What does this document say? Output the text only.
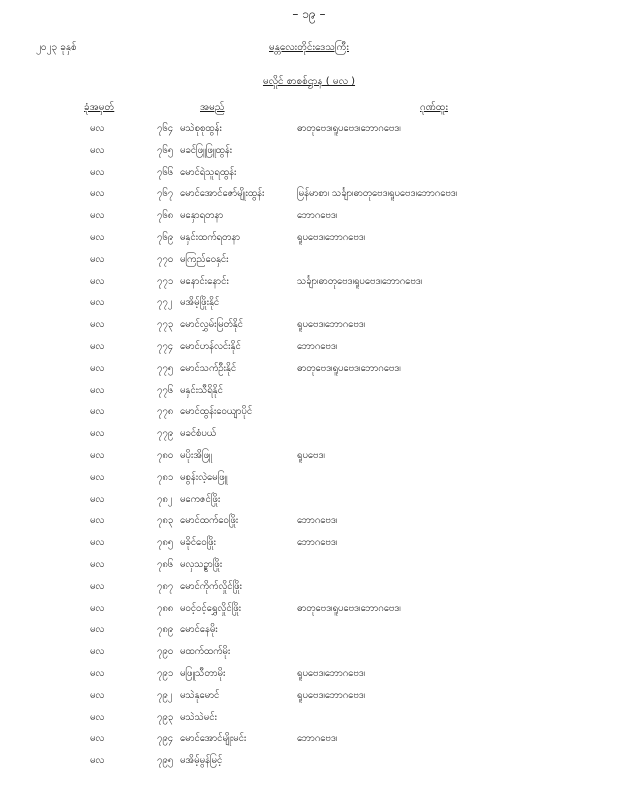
– ၁၉ –
၂၀၂၃ ခုနှစ်	မန္တလေးတိုင်းဒေသကြီး
မလှိုင် စာစစ်ဌာန ( မလ )
ခုံအမှတ်	အမည်	ဂုဏ်ထူး
မလ	၇၆၄ မသဲစုစုထွန်း	ဓာတုဗေဒ၊ရူပဗေဒ၊ဘောဂဗေဒ၊
မလ	၇၆၅ မခင်ဖြူဖြူထွန်း
မလ	၇၆၆ မောင်ရဲသူရထွန်း
မလ	၇၆၇ မောင်အောင်ဇော်မျိုးထွန်း	မြန်မာစာ၊ သင်္ချာ၊ဓာတုဗေဒ၊ရူပဗေဒ၊ဘောဂဗေဒ၊
မလ	၇၆၈ မနှောရတနာ	ဘောဂဗေဒ၊
မလ	၇၆၉ မနှင်းထက်ရတနာ	ရူပဗေဒ၊ဘောဂဗေဒ၊
မလ	၇၇၀ မကြည်ဝေနှင်း
မလ	၇၇၁ မနောင်းနောင်း	သင်္ချာ၊ဓာတုဗေဒ၊ရူပဗေဒ၊ဘောဂဗေဒ၊
မလ	၇၇၂ မအိမ့်ဖြိုးနိုင်
မလ	၇၇၃ မောင်လွှမ်းမြတ်နိုင်	ရူပဗေဒ၊ဘောဂဗေဒ၊
မလ	၇၇၄ မောင်ဟန်လင်းနိုင်	ဘောဂဗေဒ၊
မလ	၇၇၅ မောင်သက်ဦးနိုင်	ဓာတုဗေဒ၊ရူပဗေဒ၊ဘောဂဗေဒ၊
မလ	၇၇၆ မနှင်းသီရိနိုင်
မလ	၇၇၈ မောင်ထွန်းဝေယျာပိုင်
မလ	၇၇၉ မခင်စံပယ်
မလ	၇၈၀ မပိုးအိဖြူ	ရူပဗေဒ၊
မလ	၇၈၁ မစွန်းလဲ့မေဖြူ
မလ	၇၈၂ မကေဇင်ဖြိုး
မလ	၇၈၃ မောင်ထက်ဝေဖြိုး	ဘောဂဗေဒ၊
မလ	၇၈၅ မခိုင်ဝေဖြိုး	ဘောဂဗေဒ၊
မလ	၇၈၆ မလှသဉ္စာဖြိုး
မလ	၇၈၇ မောင်ကိုက်လှိုင်ဖြိုး
မလ	၇၈၈ မဝင့်ဝင့်ရွှေလှိုင်ဖြိုး	ဓာတုဗေဒ၊ရူပဗေဒ၊ဘောဂဗေဒ၊
မလ	၇၈၉ မောင်နေမိုး
မလ	၇၉၀ မထက်ထက်မိုး
မလ	၇၉၁ မဖြူသီတာမိုး	ရူပဗေဒ၊ဘောဂဗေဒ၊
မလ	၇၉၂ မသဲနုမောင်	ရူပဗေဒ၊ဘောဂဗေဒ၊
မလ	၇၉၃ မသဲသဲမင်း
မလ	၇၉၄ မောင်အောင်မျိုးမင်း	ဘောဂဗေဒ၊
မလ	၇၉၅ မအိမ့်မွန်မြင့်
